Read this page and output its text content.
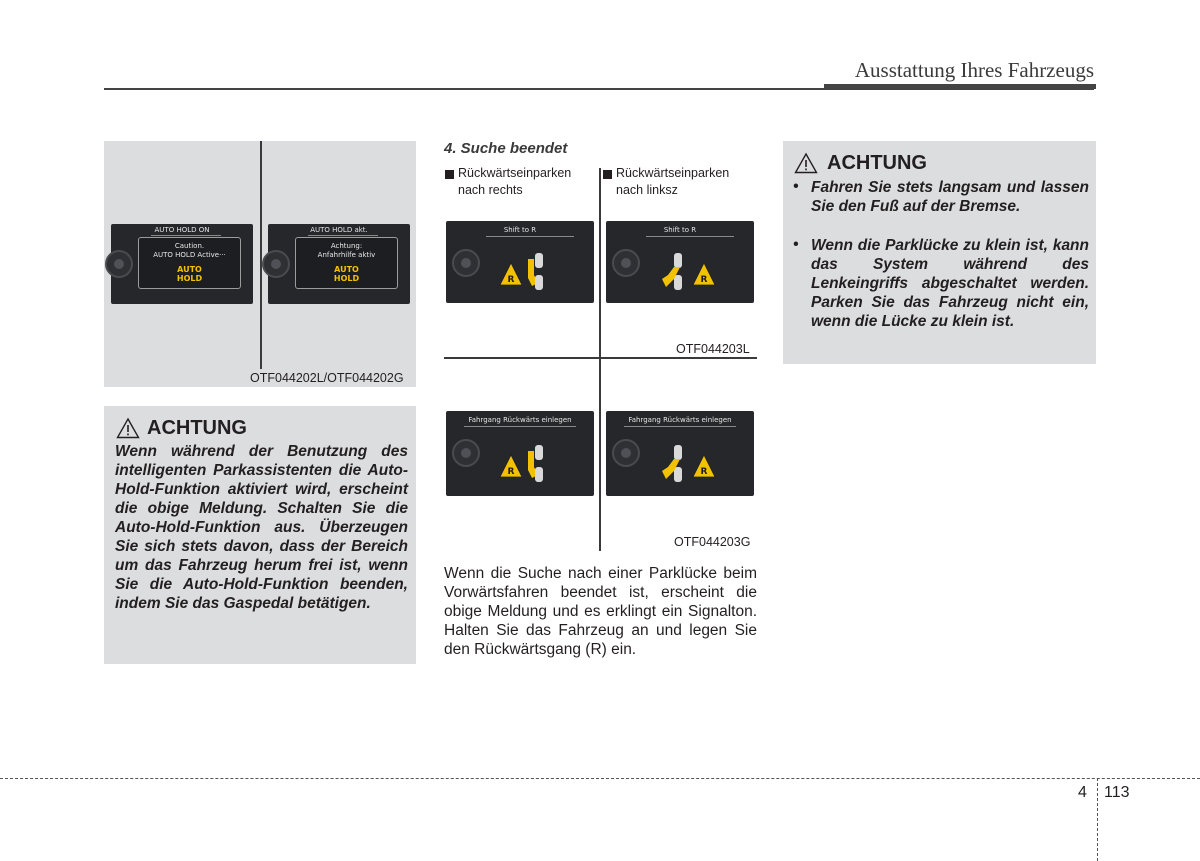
Ausstattung Ihres Fahrzeugs
AUTO HOLD ON
Caution.
AUTO HOLD Active···
AUTO
HOLD
AUTO HOLD akt.
Achtung:
Anfahrhilfe aktiv
AUTO
HOLD
OTF044202L/OTF044202G
ACHTUNG
Wenn während der Benutzung des intelligenten Parkassistenten die Auto-Hold-Funktion aktiviert wird, erscheint die obige Meldung. Schalten Sie die Auto-Hold-Funktion aus. Überzeugen Sie sich stets davon, dass der Bereich um das Fahrzeug herum frei ist, wenn Sie die Auto-Hold-Funktion beenden, indem Sie das Gaspedal betätigen.
4. Suche beendet
Rückwärtseinparken
nach rechts
Rückwärtseinparken
nach linksz
Shift to R
R
Shift to R
R
OTF044203L
Fahrgang Rückwärts einlegen
R
Fahrgang Rückwärts einlegen
R
OTF044203G
Wenn die Suche nach einer Parklücke beim Vorwärtsfahren beendet ist, erscheint die obige Meldung und es erklingt ein Signalton. Halten Sie das Fahrzeug an und legen Sie den Rückwärtsgang (R) ein.
ACHTUNG
• Fahren Sie stets langsam und lassen Sie den Fuß auf der Bremse.
• Wenn die Parklücke zu klein ist, kann das System während des Lenkeingriffs abgeschaltet werden. Parken Sie das Fahrzeug nicht ein, wenn die Lücke zu klein ist.
4 113
